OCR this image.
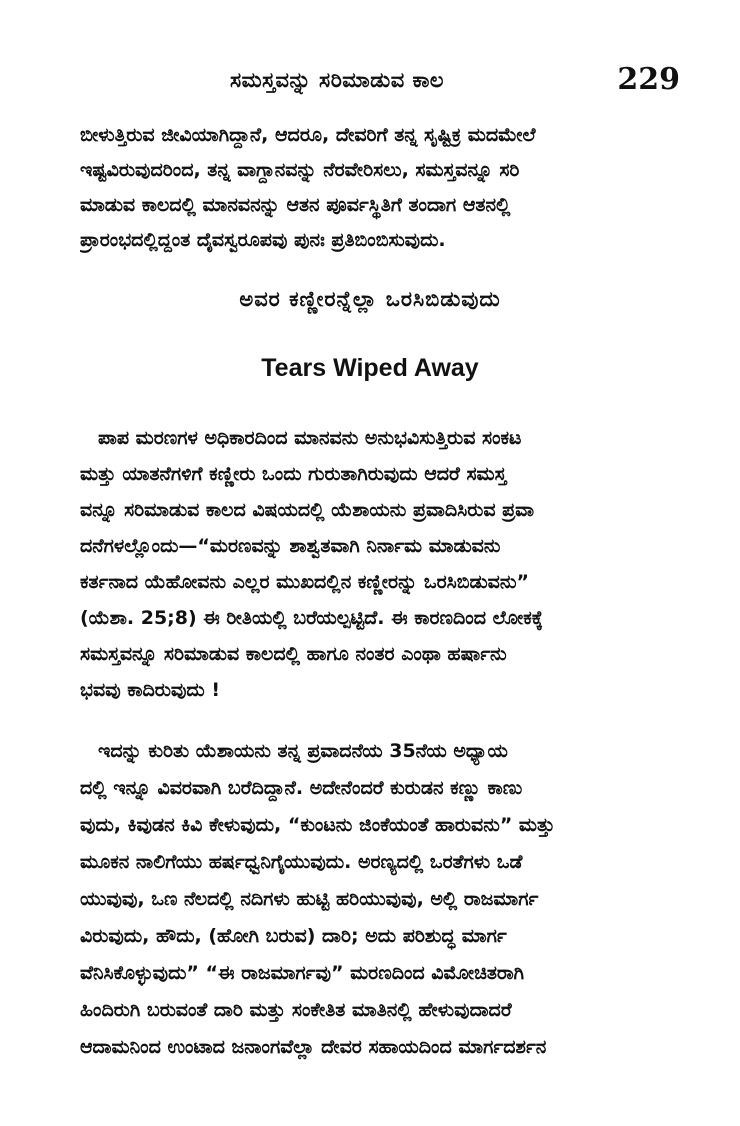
ಸಮಸ್ತವನ್ನು ಸರಿಮಾಡುವ ಕಾಲ	229

ಬೀಳುತ್ತಿರುವ ಜೀವಿಯಾಗಿದ್ದಾನೆ, ಆದರೂ, ದೇವರಿಗೆ ತನ್ನ ಸೃಷ್ಟಿಕ್ರ ಮದಮೇಲೆ
ಇಷ್ಟವಿರುವುದರಿಂದ, ತನ್ನ ವಾಗ್ದಾನವನ್ನು ನೆರವೇರಿಸಲು, ಸಮಸ್ತವನ್ನೂ ಸರಿ
ಮಾಡುವ ಕಾಲದಲ್ಲಿ ಮಾನವನನ್ನು ಆತನ ಪೂರ್ವಸ್ಥಿತಿಗೆ ತಂದಾಗ ಆತನಲ್ಲಿ
ಪ್ರಾರಂಭದಲ್ಲಿದ್ದಂತ ದೈವಸ್ವರೂಪವು ಪುನಃ ಪ್ರತಿಬಿಂಬಿಸುವುದು.

ಅವರ ಕಣ್ಣೀರನ್ನೆಲ್ಲಾ ಒರಸಿಬಿಡುವುದು
Tears Wiped Away

ಪಾಪ ಮರಣಗಳ ಅಧಿಕಾರದಿಂದ ಮಾನವನು ಅನುಭವಿಸುತ್ತಿರುವ ಸಂಕಟ
ಮತ್ತು ಯಾತನೆಗಳಿಗೆ ಕಣ್ಣೀರು ಒಂದು ಗುರುತಾಗಿರುವುದು ಆದರೆ ಸಮಸ್ತ
ವನ್ನೂ ಸರಿಮಾಡುವ ಕಾಲದ ವಿಷಯದಲ್ಲಿ ಯೆಶಾಯನು ಪ್ರವಾದಿಸಿರುವ ಪ್ರವಾ
ದನೆಗಳಲ್ಲೊಂದು—“ಮರಣವನ್ನು ಶಾಶ್ವತವಾಗಿ ನಿರ್ನಾಮ ಮಾಡುವನು
ಕರ್ತನಾದ ಯೆಹೋವನು ಎಲ್ಲರ ಮುಖದಲ್ಲಿನ ಕಣ್ಣೀರನ್ನು ಒರಸಿಬಿಡುವನು”
(ಯೆಶಾ. 25;8) ಈ ರೀತಿಯಲ್ಲಿ ಬರೆಯಲ್ಪಟ್ಟಿದೆ. ಈ ಕಾರಣದಿಂದ ಲೋಕಕ್ಕೆ
ಸಮಸ್ತವನ್ನೂ ಸರಿಮಾಡುವ ಕಾಲದಲ್ಲಿ ಹಾಗೂ ನಂತರ ಎಂಥಾ ಹರ್ಷಾನು
ಭವವು ಕಾದಿರುವುದು !

ಇದನ್ನು ಕುರಿತು ಯೆಶಾಯನು ತನ್ನ ಪ್ರವಾದನೆಯ 35ನೆಯ ಅಧ್ಯಾಯ
ದಲ್ಲಿ ಇನ್ನೂ ವಿವರವಾಗಿ ಬರೆದಿದ್ದಾನೆ. ಅದೇನೆಂದರೆ ಕುರುಡನ ಕಣ್ಣು ಕಾಣು
ವುದು, ಕಿವುಡನ ಕಿವಿ ಕೇಳುವುದು, “ಕುಂಟನು ಜಿಂಕೆಯಂತೆ ಹಾರುವನು” ಮತ್ತು
ಮೂಕನ ನಾಲಿಗೆಯು ಹರ್ಷಧ್ವನಿಗೈಯುವುದು. ಅರಣ್ಯದಲ್ಲಿ ಒರತೆಗಳು ಒಡೆ
ಯುವುವು, ಒಣ ನೆಲದಲ್ಲಿ ನದಿಗಳು ಹುಟ್ಟಿ ಹರಿಯುವುವು, ಅಲ್ಲಿ ರಾಜಮಾರ್ಗ
ವಿರುವುದು, ಹೌದು, (ಹೋಗಿ ಬರುವ) ದಾರಿ; ಅದು ಪರಿಶುದ್ಧ ಮಾರ್ಗ
ವೆನಿಸಿಕೊಳ್ಳುವುದು” “ಈ ರಾಜಮಾರ್ಗವು” ಮರಣದಿಂದ ವಿಮೋಚಿತರಾಗಿ
ಹಿಂದಿರುಗಿ ಬರುವಂತೆ ದಾರಿ ಮತ್ತು ಸಂಕೇತಿತ ಮಾತಿನಲ್ಲಿ ಹೇಳುವುದಾದರೆ
ಆದಾಮನಿಂದ ಉಂಟಾದ ಜನಾಂಗವೆಲ್ಲಾ ದೇವರ ಸಹಾಯದಿಂದ ಮಾರ್ಗದರ್ಶನ
